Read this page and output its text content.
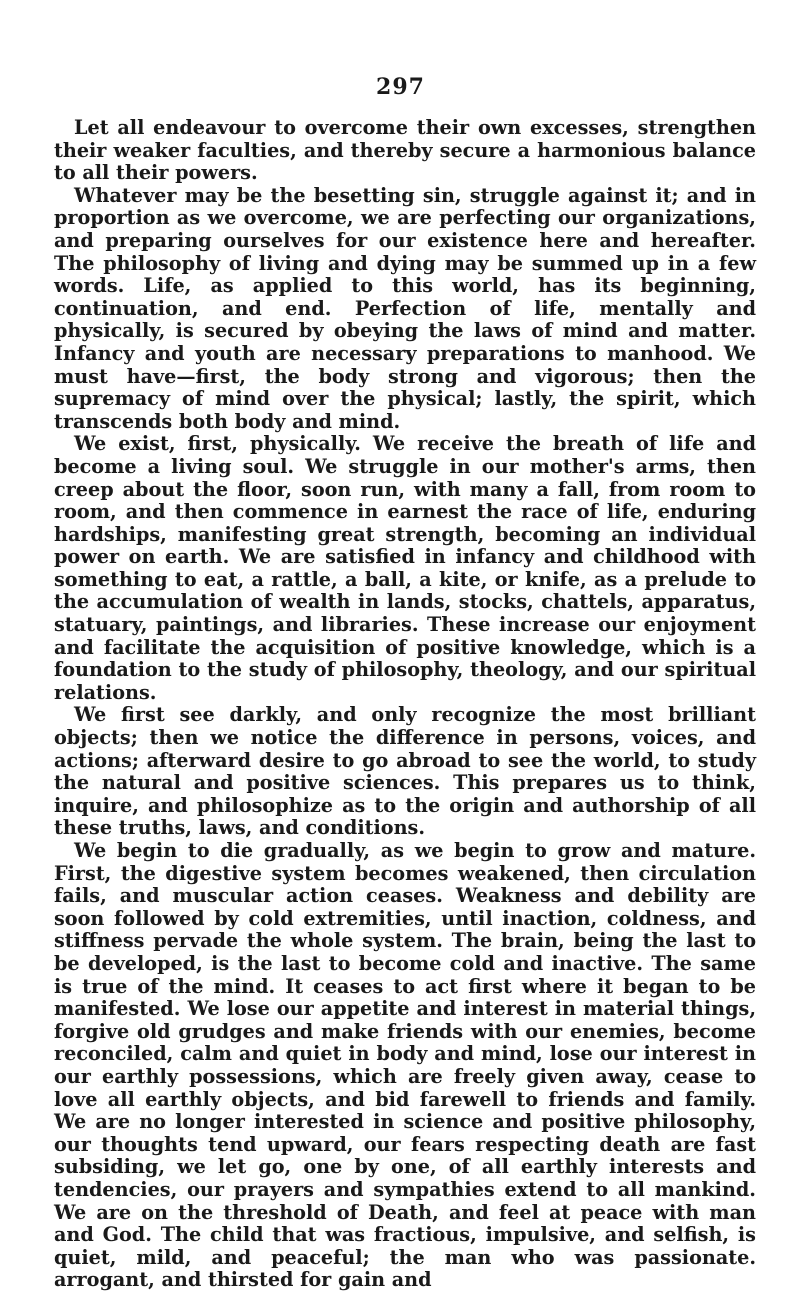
297

Let all endeavour to overcome their own excesses, strengthen their weaker faculties, and thereby secure a harmonious balance to all their powers.

Whatever may be the besetting sin, struggle against it; and in proportion as we overcome, we are perfecting our organizations, and preparing ourselves for our existence here and hereafter. The philosophy of living and dying may be summed up in a few words. Life, as applied to this world, has its beginning, continuation, and end. Perfection of life, mentally and physically, is secured by obeying the laws of mind and matter. Infancy and youth are necessary preparations to manhood. We must have—first, the body strong and vigorous; then the supremacy of mind over the physical; lastly, the spirit, which transcends both body and mind.

We exist, first, physically. We receive the breath of life and become a living soul. We struggle in our mother's arms, then creep about the floor, soon run, with many a fall, from room to room, and then commence in earnest the race of life, enduring hardships, manifesting great strength, becoming an individual power on earth. We are satisfied in infancy and childhood with something to eat, a rattle, a ball, a kite, or knife, as a prelude to the accumulation of wealth in lands, stocks, chattels, apparatus, statuary, paintings, and libraries. These increase our enjoyment and facilitate the acquisition of positive knowledge, which is a foundation to the study of philosophy, theology, and our spiritual relations.

We first see darkly, and only recognize the most brilliant objects; then we notice the difference in persons, voices, and actions; afterward desire to go abroad to see the world, to study the natural and positive sciences. This prepares us to think, inquire, and philosophize as to the origin and authorship of all these truths, laws, and conditions.

We begin to die gradually, as we begin to grow and mature. First, the digestive system becomes weakened, then circulation fails, and muscular action ceases. Weakness and debility are soon followed by cold extremities, until inaction, coldness, and stiffness pervade the whole system. The brain, being the last to be developed, is the last to become cold and inactive. The same is true of the mind. It ceases to act first where it began to be manifested. We lose our appetite and interest in material things, forgive old grudges and make friends with our enemies, become reconciled, calm and quiet in body and mind, lose our interest in our earthly possessions, which are freely given away, cease to love all earthly objects, and bid farewell to friends and family. We are no longer interested in science and positive philosophy, our thoughts tend upward, our fears respecting death are fast subsiding, we let go, one by one, of all earthly interests and tendencies, our prayers and sympathies extend to all mankind. We are on the threshold of Death, and feel at peace with man and God. The child that was fractious, impulsive, and selfish, is quiet, mild, and peaceful; the man who was passionate. arrogant, and thirsted for gain and
